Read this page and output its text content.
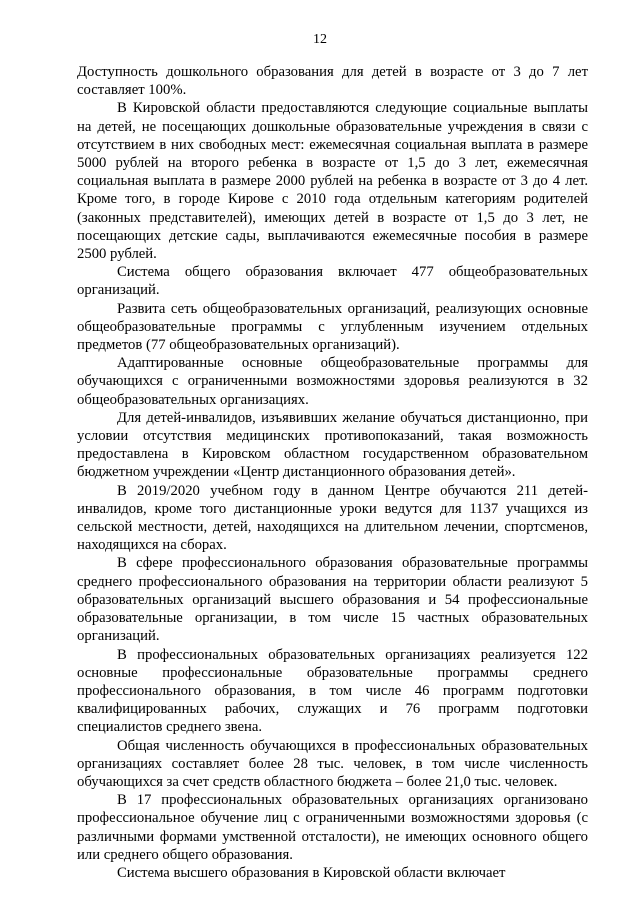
12

Доступность дошкольного образования для детей в возрасте от 3 до 7 лет составляет 100%.

В Кировской области предоставляются следующие социальные выплаты на детей, не посещающих дошкольные образовательные учреждения в связи с отсутствием в них свободных мест: ежемесячная социальная выплата в размере 5000 рублей на второго ребенка в возрасте от 1,5 до 3 лет, ежемесячная социальная выплата в размере 2000 рублей на ребенка в возрасте от 3 до 4 лет. Кроме того, в городе Кирове с 2010 года отдельным категориям родителей (законных представителей), имеющих детей в возрасте от 1,5 до 3 лет, не посещающих детские сады, выплачиваются ежемесячные пособия в размере 2500 рублей.

Система общего образования включает 477 общеобразовательных организаций.

Развита сеть общеобразовательных организаций, реализующих основные общеобразовательные программы с углубленным изучением отдельных предметов (77 общеобразовательных организаций).

Адаптированные основные общеобразовательные программы для обучающихся с ограниченными возможностями здоровья реализуются в 32 общеобразовательных организациях.

Для детей-инвалидов, изъявивших желание обучаться дистанционно, при условии отсутствия медицинских противопоказаний, такая возможность предоставлена в Кировском областном государственном образовательном бюджетном учреждении «Центр дистанционного образования детей».

В 2019/2020 учебном году в данном Центре обучаются 211 детей-инвалидов, кроме того дистанционные уроки ведутся для 1137 учащихся из сельской местности, детей, находящихся на длительном лечении, спортсменов, находящихся на сборах.

В сфере профессионального образования образовательные программы среднего профессионального образования на территории области реализуют 5 образовательных организаций высшего образования и 54 профессиональные образовательные организации, в том числе 15 частных образовательных организаций.

В профессиональных образовательных организациях реализуется 122 основные профессиональные образовательные программы среднего профессионального образования, в том числе 46 программ подготовки квалифицированных рабочих, служащих и 76 программ подготовки специалистов среднего звена.

Общая численность обучающихся в профессиональных образовательных организациях составляет более 28 тыс. человек, в том числе численность обучающихся за счет средств областного бюджета – более 21,0 тыс. человек.

В 17 профессиональных образовательных организациях организовано профессиональное обучение лиц с ограниченными возможностями здоровья (с различными формами умственной отсталости), не имеющих основного общего или среднего общего образования.

Система высшего образования в Кировской области включает
